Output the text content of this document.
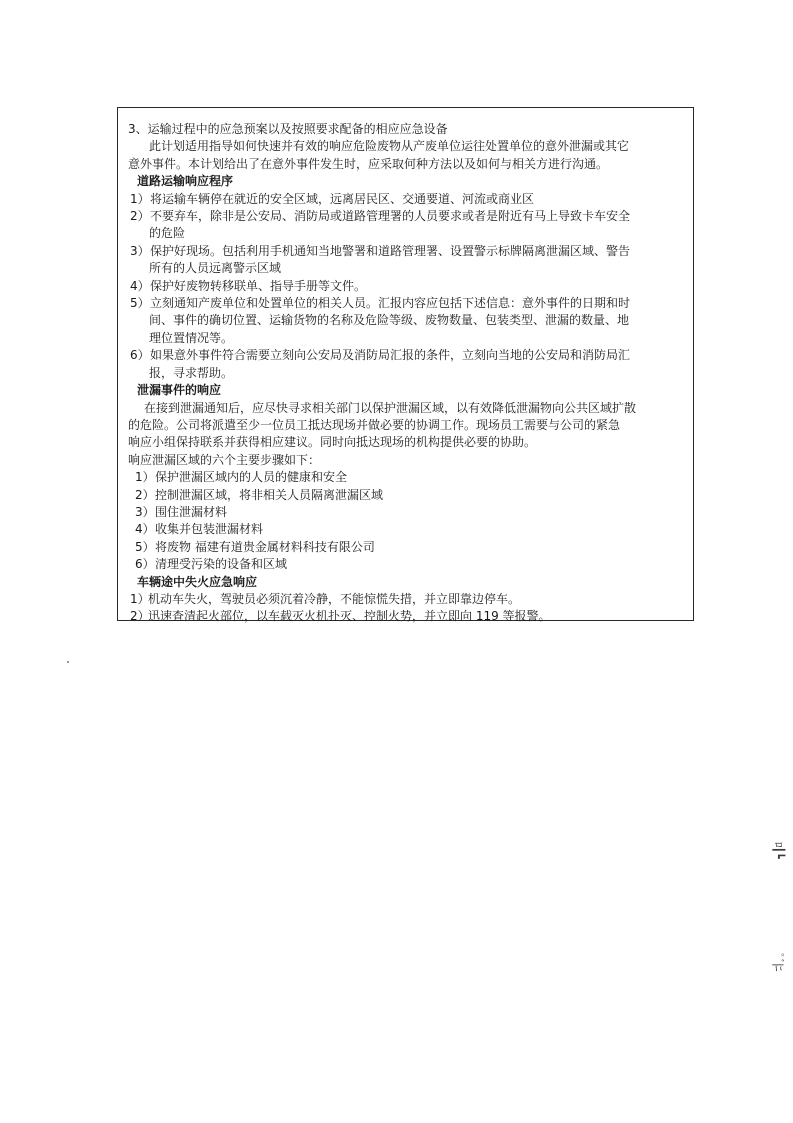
3、运输过程中的应急预案以及按照要求配备的相应应急设备
此计划适用指导如何快速并有效的响应危险废物从产废单位运往处置单位的意外泄漏或其它
意外事件。本计划给出了在意外事件发生时，应采取何种方法以及如何与相关方进行沟通。
道路运输响应程序
1） 将运输车辆停在就近的安全区域，远离居民区、交通要道、河流或商业区
2） 不要弃车，除非是公安局、消防局或道路管理署的人员要求或者是附近有马上导致卡车安全
的危险
3） 保护好现场。包括利用手机通知当地警署和道路管理署、设置警示标牌隔离泄漏区域、警告
所有的人员远离警示区域
4） 保护好废物转移联单、指导手册等文件。
5） 立刻通知产废单位和处置单位的相关人员。汇报内容应包括下述信息：意外事件的日期和时
间、事件的确切位置、运输货物的名称及危险等级、废物数量、包装类型、泄漏的数量、地
理位置情况等。
6） 如果意外事件符合需要立刻向公安局及消防局汇报的条件，立刻向当地的公安局和消防局汇
报，寻求帮助。
泄漏事件的响应
在接到泄漏通知后，应尽快寻求相关部门以保护泄漏区域，以有效降低泄漏物向公共区域扩散
的危险。公司将派遣至少一位员工抵达现场并做必要的协调工作。现场员工需要与公司的紧急
响应小组保持联系并获得相应建议。同时向抵达现场的机构提供必要的协助。
响应泄漏区域的六个主要步骤如下：
1） 保护泄漏区域内的人员的健康和安全
2） 控制泄漏区域，将非相关人员隔离泄漏区域
3） 围住泄漏材料
4） 收集并包装泄漏材料
5） 将废物 福建有道贵金属材料科技有限公司
6） 清理受污染的设备和区域
车辆途中失火应急响应
1）
机动车失火，驾驶员必须沉着冷静，不能惊慌失措，并立即靠边停车。
2）
迅速查清起火部位，以车载灭火机扑灭、控制火势，并立即向 119 等报警。
ﾛ┃┗
ﾟﾞ|ﾆ
